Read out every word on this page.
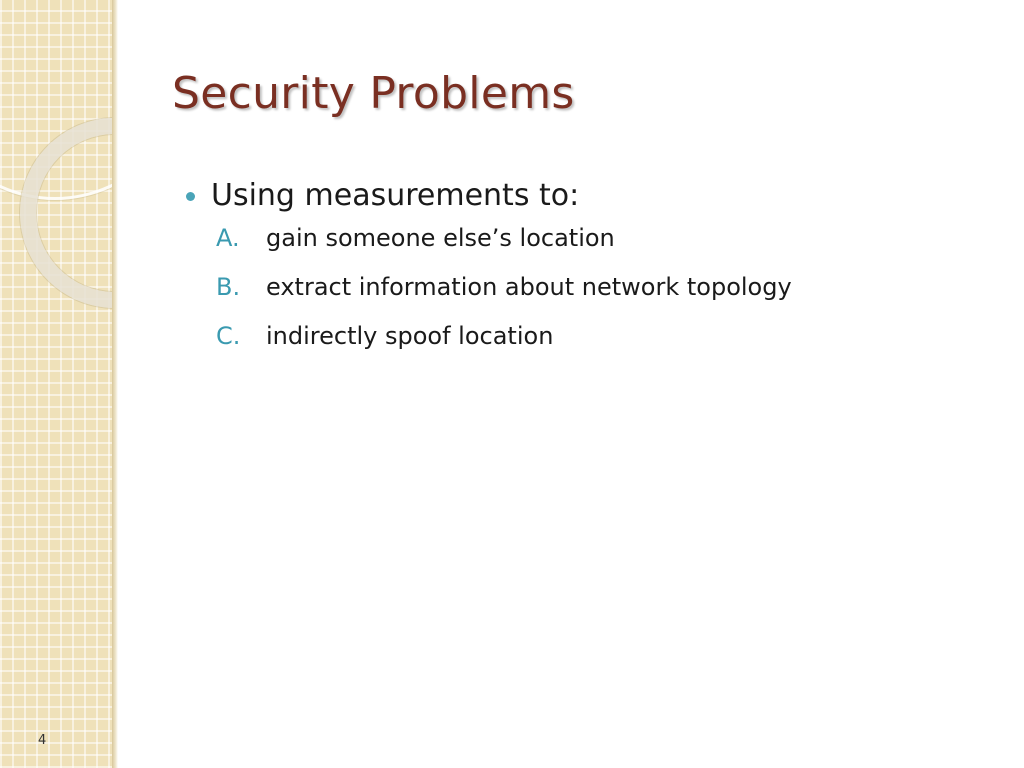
Security Problems
Using measurements to:
A.	gain someone else’s location
B.	extract information about network topology
C.	indirectly spoof location
4
